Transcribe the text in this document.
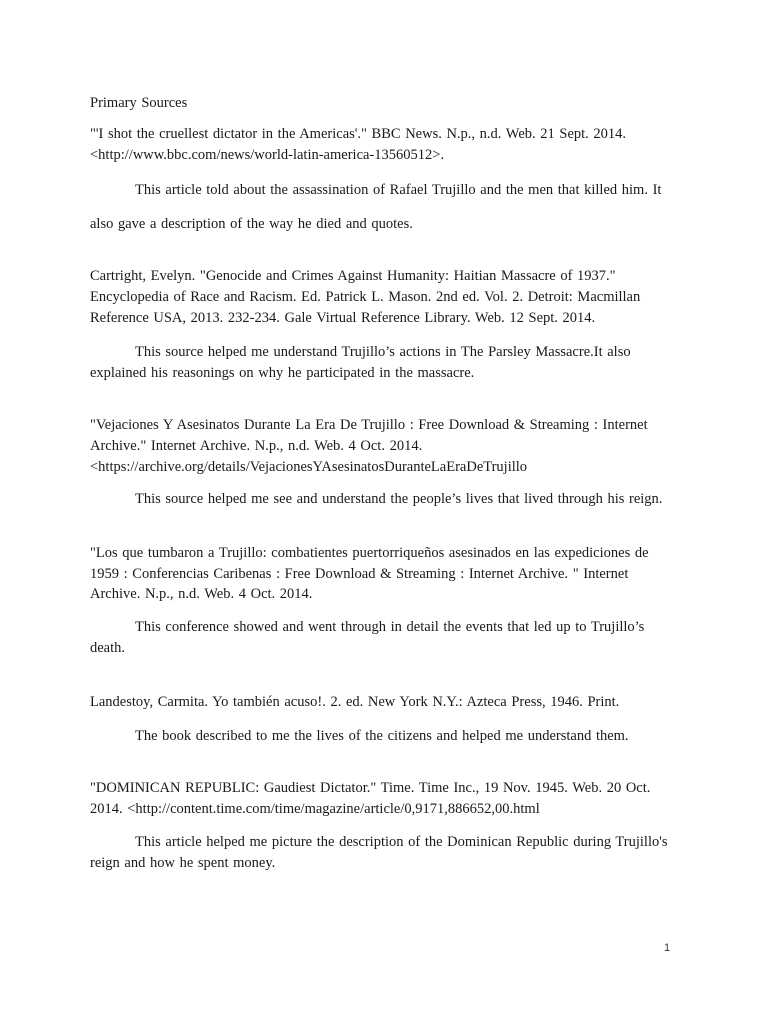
Primary Sources
"'I shot the cruellest dictator in the Americas'." BBC News. N.p., n.d. Web. 21 Sept. 2014.
<http://www.bbc.com/news/world-latin-america-13560512>.
This article told about the assassination of Rafael Trujillo and the men that killed him. It
also gave a description of the way he died and quotes.
Cartright, Evelyn. "Genocide and Crimes Against Humanity: Haitian Massacre of 1937."
Encyclopedia of Race and Racism. Ed. Patrick L. Mason. 2nd ed. Vol. 2. Detroit: Macmillan
Reference USA, 2013. 232-234. Gale Virtual Reference Library. Web. 12 Sept. 2014.
This source helped me understand Trujillo’s actions in The Parsley Massacre.It also
explained his reasonings on why he participated in the massacre.
"Vejaciones Y Asesinatos Durante La Era De Trujillo : Free Download & Streaming : Internet
Archive." Internet Archive. N.p., n.d. Web. 4 Oct. 2014.
<https://archive.org/details/VejacionesYAsesinatosDuranteLaEraDeTrujillo
This source helped me see and understand the people’s lives that lived through his reign.
"Los que tumbaron a Trujillo: combatientes puertorriqueños asesinados en las expediciones de
1959 : Conferencias Caribenas : Free Download & Streaming : Internet Archive. " Internet
Archive. N.p., n.d. Web. 4 Oct. 2014.
This conference showed and went through in detail the events that led up to Trujillo’s
death.
Landestoy, Carmita. Yo también acuso!. 2. ed. New York N.Y.: Azteca Press, 1946. Print.
The book described to me the lives of the citizens and helped me understand them.
"DOMINICAN REPUBLIC: Gaudiest Dictator." Time. Time Inc., 19 Nov. 1945. Web. 20 Oct.
2014. <http://content.time.com/time/magazine/article/0,9171,886652,00.html
This article helped me picture the description of the Dominican Republic during Trujillo's
reign and how he spent money.
1
